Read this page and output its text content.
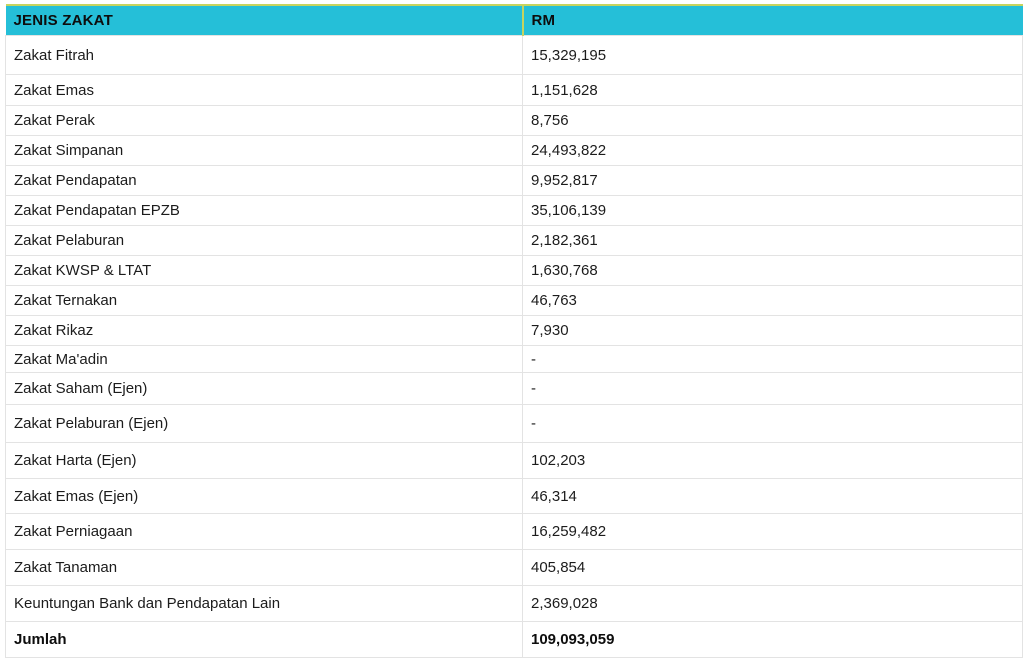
JENIS ZAKAT	RM
Zakat Fitrah	15,329,195
Zakat Emas	1,151,628
Zakat Perak	8,756
Zakat Simpanan	24,493,822
Zakat Pendapatan	9,952,817
Zakat Pendapatan EPZB	35,106,139
Zakat Pelaburan	2,182,361
Zakat KWSP & LTAT	1,630,768
Zakat Ternakan	46,763
Zakat Rikaz	7,930
Zakat Ma'adin	-
Zakat Saham (Ejen)	-
Zakat Pelaburan (Ejen)	-
Zakat Harta (Ejen)	102,203
Zakat Emas (Ejen)	46,314
Zakat Perniagaan	16,259,482
Zakat Tanaman	405,854
Keuntungan Bank dan Pendapatan Lain	2,369,028
Jumlah	109,093,059
